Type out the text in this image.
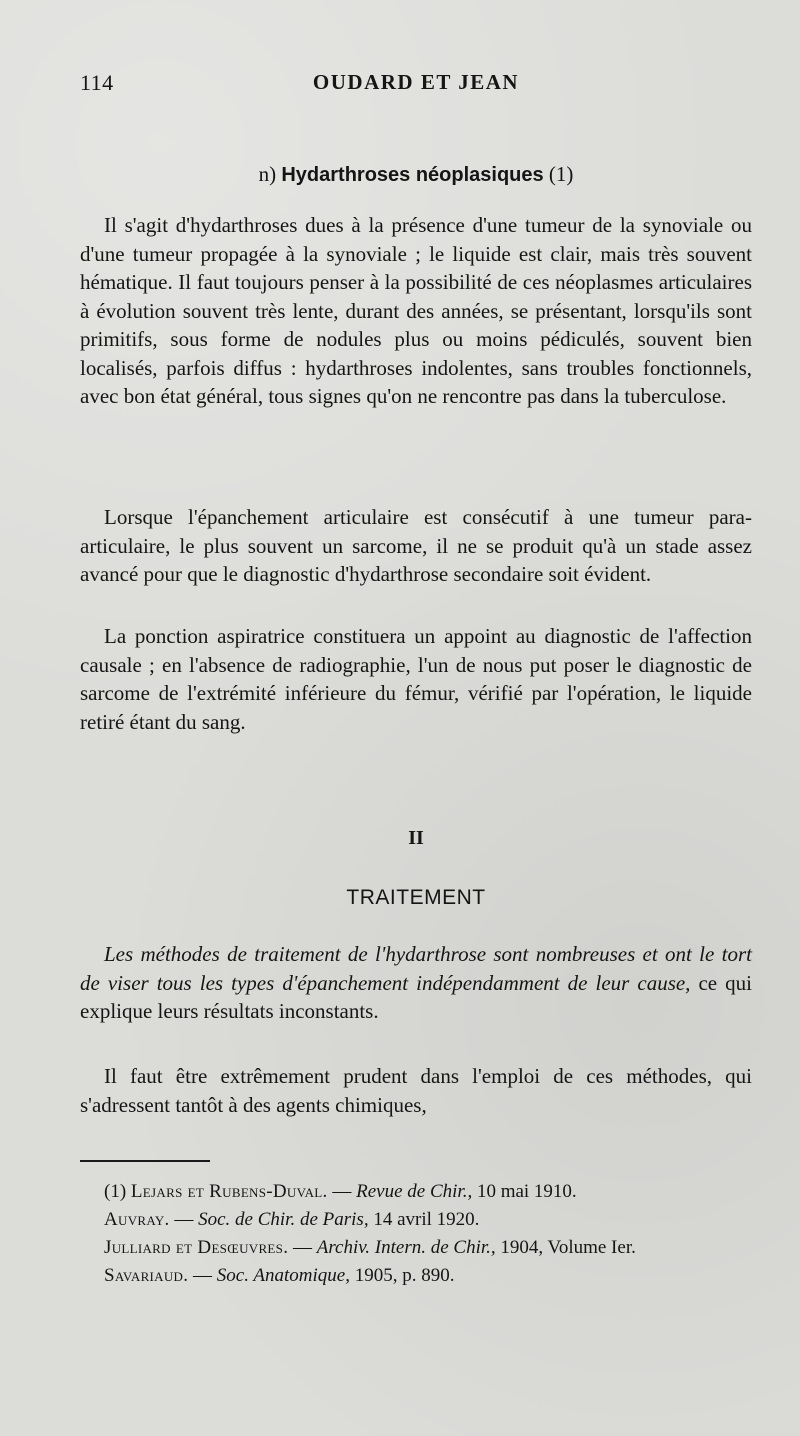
114	OUDARD ET JEAN
n) Hydarthroses néoplasiques (1)

Il s'agit d'hydarthroses dues à la présence d'une tumeur de la synoviale ou d'une tumeur propagée à la synoviale ; le liquide est clair, mais très souvent hématique. Il faut toujours penser à la possibilité de ces néoplasmes articulaires à évolution souvent très lente, durant des années, se présentant, lorsqu'ils sont primitifs, sous forme de nodules plus ou moins pédiculés, souvent bien localisés, parfois diffus : hydarthroses indolentes, sans troubles fonctionnels, avec bon état général, tous signes qu'on ne rencontre pas dans la tuberculose.

Lorsque l'épanchement articulaire est consécutif à une tumeur para-articulaire, le plus souvent un sarcome, il ne se produit qu'à un stade assez avancé pour que le diagnostic d'hydarthrose secondaire soit évident.

La ponction aspiratrice constituera un appoint au diagnostic de l'affection causale ; en l'absence de radiographie, l'un de nous put poser le diagnostic de sarcome de l'extrémité inférieure du fémur, vérifié par l'opération, le liquide retiré étant du sang.

II
TRAITEMENT

Les méthodes de traitement de l'hydarthrose sont nombreuses et ont le tort de viser tous les types d'épanchement indépendamment de leur cause, ce qui explique leurs résultats inconstants.

Il faut être extrêmement prudent dans l'emploi de ces méthodes, qui s'adressent tantôt à des agents chimiques,

(1) Lejars et Rubens-Duval. — Revue de Chir., 10 mai 1910.
Auvray. — Soc. de Chir. de Paris, 14 avril 1920.
Julliard et Desœuvres. — Archiv. Intern. de Chir., 1904, Volume Ier.
Savariaud. — Soc. Anatomique, 1905, p. 890.
